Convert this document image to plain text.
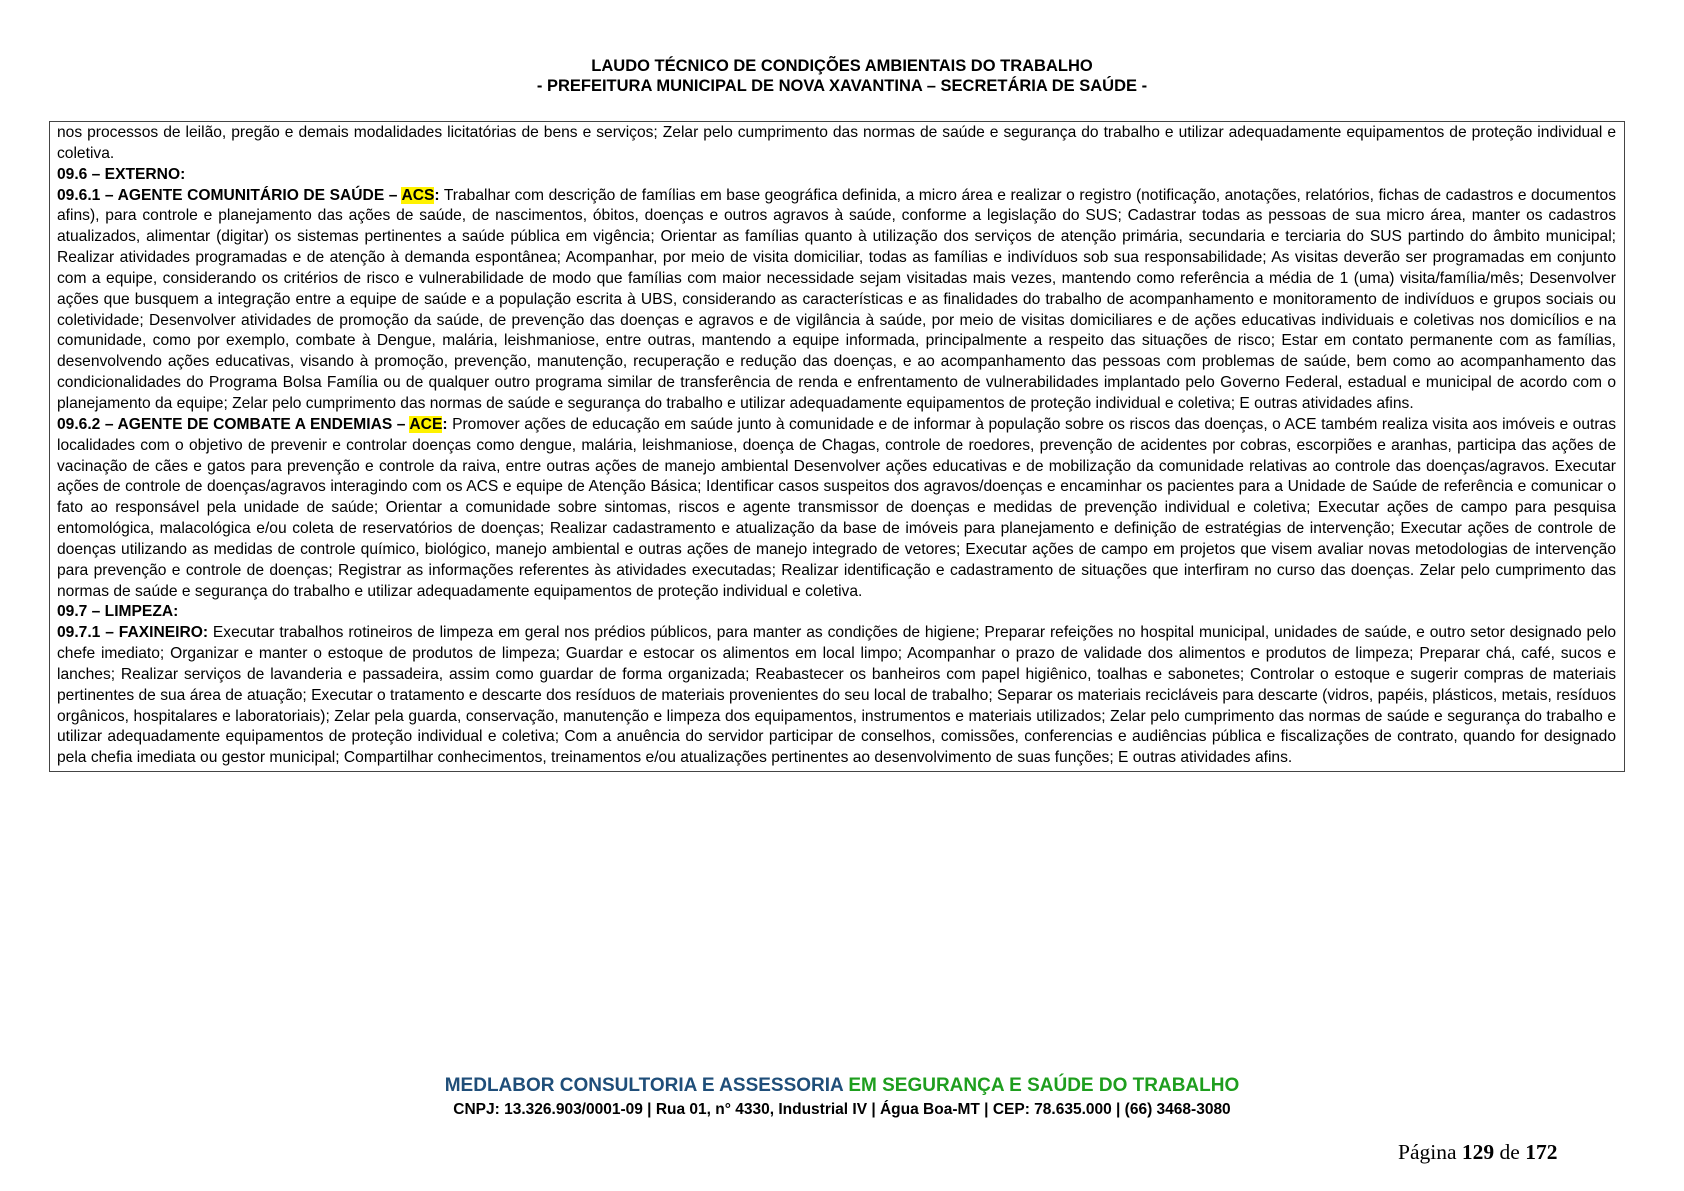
LAUDO TÉCNICO DE CONDIÇÕES AMBIENTAIS DO TRABALHO
- PREFEITURA MUNICIPAL DE NOVA XAVANTINA – SECRETÁRIA DE SAÚDE -

nos processos de leilão, pregão e demais modalidades licitatórias de bens e serviços; Zelar pelo cumprimento das normas de saúde e segurança do trabalho e utilizar adequadamente equipamentos de proteção individual e coletiva.

09.6 – EXTERNO:

09.6.1 – AGENTE COMUNITÁRIO DE SAÚDE – ACS: Trabalhar com descrição de famílias em base geográfica definida, a micro área e realizar o registro (notificação, anotações, relatórios, fichas de cadastros e documentos afins), para controle e planejamento das ações de saúde, de nascimentos, óbitos, doenças e outros agravos à saúde, conforme a legislação do SUS; Cadastrar todas as pessoas de sua micro área, manter os cadastros atualizados, alimentar (digitar) os sistemas pertinentes a saúde pública em vigência; Orientar as famílias quanto à utilização dos serviços de atenção primária, secundaria e terciaria do SUS partindo do âmbito municipal; Realizar atividades programadas e de atenção à demanda espontânea; Acompanhar, por meio de visita domiciliar, todas as famílias e indivíduos sob sua responsabilidade; As visitas deverão ser programadas em conjunto com a equipe, considerando os critérios de risco e vulnerabilidade de modo que famílias com maior necessidade sejam visitadas mais vezes, mantendo como referência a média de 1 (uma) visita/família/mês; Desenvolver ações que busquem a integração entre a equipe de saúde e a população escrita à UBS, considerando as características e as finalidades do trabalho de acompanhamento e monitoramento de indivíduos e grupos sociais ou coletividade; Desenvolver atividades de promoção da saúde, de prevenção das doenças e agravos e de vigilância à saúde, por meio de visitas domiciliares e de ações educativas individuais e coletivas nos domicílios e na comunidade, como por exemplo, combate à Dengue, malária, leishmaniose, entre outras, mantendo a equipe informada, principalmente a respeito das situações de risco; Estar em contato permanente com as famílias, desenvolvendo ações educativas, visando à promoção, prevenção, manutenção, recuperação e redução das doenças, e ao acompanhamento das pessoas com problemas de saúde, bem como ao acompanhamento das condicionalidades do Programa Bolsa Família ou de qualquer outro programa similar de transferência de renda e enfrentamento de vulnerabilidades implantado pelo Governo Federal, estadual e municipal de acordo com o planejamento da equipe; Zelar pelo cumprimento das normas de saúde e segurança do trabalho e utilizar adequadamente equipamentos de proteção individual e coletiva; E outras atividades afins.

09.6.2 – AGENTE DE COMBATE A ENDEMIAS – ACE: Promover ações de educação em saúde junto à comunidade e de informar à população sobre os riscos das doenças, o ACE também realiza visita aos imóveis e outras localidades com o objetivo de prevenir e controlar doenças como dengue, malária, leishmaniose, doença de Chagas, controle de roedores, prevenção de acidentes por cobras, escorpiões e aranhas, participa das ações de vacinação de cães e gatos para prevenção e controle da raiva, entre outras ações de manejo ambiental Desenvolver ações educativas e de mobilização da comunidade relativas ao controle das doenças/agravos. Executar ações de controle de doenças/agravos interagindo com os ACS e equipe de Atenção Básica; Identificar casos suspeitos dos agravos/doenças e encaminhar os pacientes para a Unidade de Saúde de referência e comunicar o fato ao responsável pela unidade de saúde; Orientar a comunidade sobre sintomas, riscos e agente transmissor de doenças e medidas de prevenção individual e coletiva; Executar ações de campo para pesquisa entomológica, malacológica e/ou coleta de reservatórios de doenças; Realizar cadastramento e atualização da base de imóveis para planejamento e definição de estratégias de intervenção; Executar ações de controle de doenças utilizando as medidas de controle químico, biológico, manejo ambiental e outras ações de manejo integrado de vetores; Executar ações de campo em projetos que visem avaliar novas metodologias de intervenção para prevenção e controle de doenças; Registrar as informações referentes às atividades executadas; Realizar identificação e cadastramento de situações que interfiram no curso das doenças. Zelar pelo cumprimento das normas de saúde e segurança do trabalho e utilizar adequadamente equipamentos de proteção individual e coletiva.

09.7 – LIMPEZA:

09.7.1 – FAXINEIRO: Executar trabalhos rotineiros de limpeza em geral nos prédios públicos, para manter as condições de higiene; Preparar refeições no hospital municipal, unidades de saúde, e outro setor designado pelo chefe imediato; Organizar e manter o estoque de produtos de limpeza; Guardar e estocar os alimentos em local limpo; Acompanhar o prazo de validade dos alimentos e produtos de limpeza; Preparar chá, café, sucos e lanches; Realizar serviços de lavanderia e passadeira, assim como guardar de forma organizada; Reabastecer os banheiros com papel higiênico, toalhas e sabonetes; Controlar o estoque e sugerir compras de materiais pertinentes de sua área de atuação; Executar o tratamento e descarte dos resíduos de materiais provenientes do seu local de trabalho; Separar os materiais recicláveis para descarte (vidros, papéis, plásticos, metais, resíduos orgânicos, hospitalares e laboratoriais); Zelar pela guarda, conservação, manutenção e limpeza dos equipamentos, instrumentos e materiais utilizados; Zelar pelo cumprimento das normas de saúde e segurança do trabalho e utilizar adequadamente equipamentos de proteção individual e coletiva; Com a anuência do servidor participar de conselhos, comissões, conferencias e audiências pública e fiscalizações de contrato, quando for designado pela chefia imediata ou gestor municipal; Compartilhar conhecimentos, treinamentos e/ou atualizações pertinentes ao desenvolvimento de suas funções; E outras atividades afins.

MEDLABOR CONSULTORIA E ASSESSORIA EM SEGURANÇA E SAÚDE DO TRABALHO
CNPJ: 13.326.903/0001-09 | Rua 01, n° 4330, Industrial IV | Água Boa-MT | CEP: 78.635.000 | (66) 3468-3080
Página 129 de 172
